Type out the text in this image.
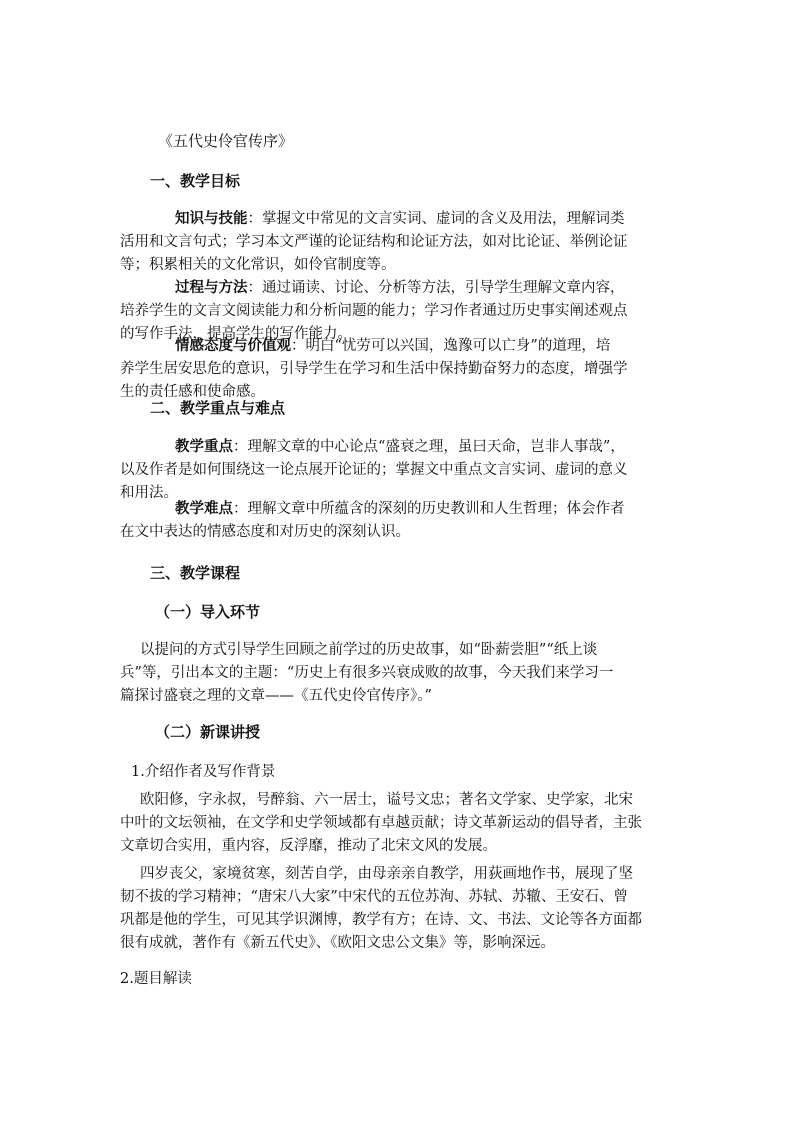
《五代史伶官传序》
一、教学目标
知识与技能：掌握文中常见的文言实词、虚词的含义及用法，理解词类
活用和文言句式；学习本文严谨的论证结构和论证方法，如对比论证、举例论证
等；积累相关的文化常识，如伶官制度等。
过程与方法：通过诵读、讨论、分析等方法，引导学生理解文章内容，
培养学生的文言文阅读能力和分析问题的能力；学习作者通过历史事实阐述观点
的写作手法，提高学生的写作能力。
情感态度与价值观：明白“忧劳可以兴国，逸豫可以亡身”的道理，培
养学生居安思危的意识，引导学生在学习和生活中保持勤奋努力的态度，增强学
生的责任感和使命感。
二、教学重点与难点
教学重点：理解文章的中心论点“盛衰之理，虽曰天命，岂非人事哉”，
以及作者是如何围绕这一论点展开论证的；掌握文中重点文言实词、虚词的意义
和用法。
教学难点：理解文章中所蕴含的深刻的历史教训和人生哲理；体会作者
在文中表达的情感态度和对历史的深刻认识。
三、教学课程
（一）导入环节
以提问的方式引导学生回顾之前学过的历史故事，如“卧薪尝胆”“纸上谈
兵”等，引出本文的主题：“历史上有很多兴衰成败的故事，今天我们来学习一
篇探讨盛衰之理的文章——《五代史伶官传序》。”
（二）新课讲授
1.介绍作者及写作背景
欧阳修，字永叔，号醉翁、六一居士，谥号文忠；著名文学家、史学家，北宋
中叶的文坛领袖，在文学和史学领域都有卓越贡献；诗文革新运动的倡导者，主张
文章切合实用，重内容，反浮靡，推动了北宋文风的发展。
四岁丧父，家境贫寒，刻苦自学，由母亲亲自教学，用荻画地作书，展现了坚
韧不拔的学习精神；“唐宋八大家”中宋代的五位苏洵、苏轼、苏辙、王安石、曾
巩都是他的学生，可见其学识渊博，教学有方；在诗、文、书法、文论等各方面都
很有成就，著作有《新五代史》、《欧阳文忠公文集》等，影响深远。
2.题目解读
